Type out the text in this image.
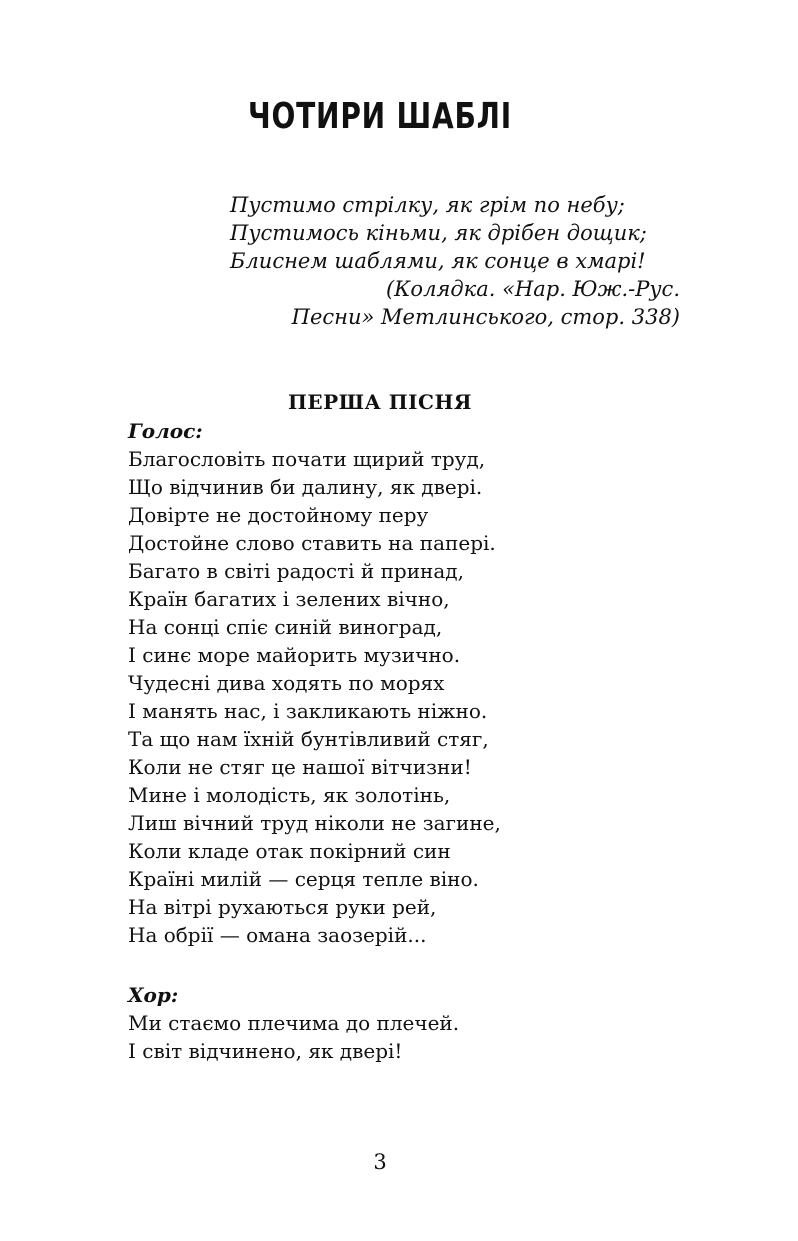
ЧОТИРИ ШАБЛІ
Пустимо стрілку, як грім по небу;
Пустимось кіньми, як дрібен дощик;
Блиснем шаблями, як сонце в хмарі!
(Колядка. «Нар. Юж.-Рус.
Песни» Метлинського, стор. 338)
ПЕРША ПІСНЯ
Голос:
Благословіть почати щирий труд,
Що відчинив би далину, як двері.
Довірте не достойному перу
Достойне слово ставить на папері.
Багато в світі радості й принад,
Країн багатих і зелених вічно,
На сонці спіє синій виноград,
І синє море майорить музично.
Чудесні дива ходять по морях
І манять нас, і закликають ніжно.
Та що нам їхній бунтівливий стяг,
Коли не стяг це нашої вітчизни!
Мине і молодість, як золотінь,
Лиш вічний труд ніколи не загине,
Коли кладе отак покірний син
Країні милій — серця тепле віно.
На вітрі рухаються руки рей,
На обрії — омана заозерій...
Хор:
Ми стаємо плечима до плечей.
І світ відчинено, як двері!
3
